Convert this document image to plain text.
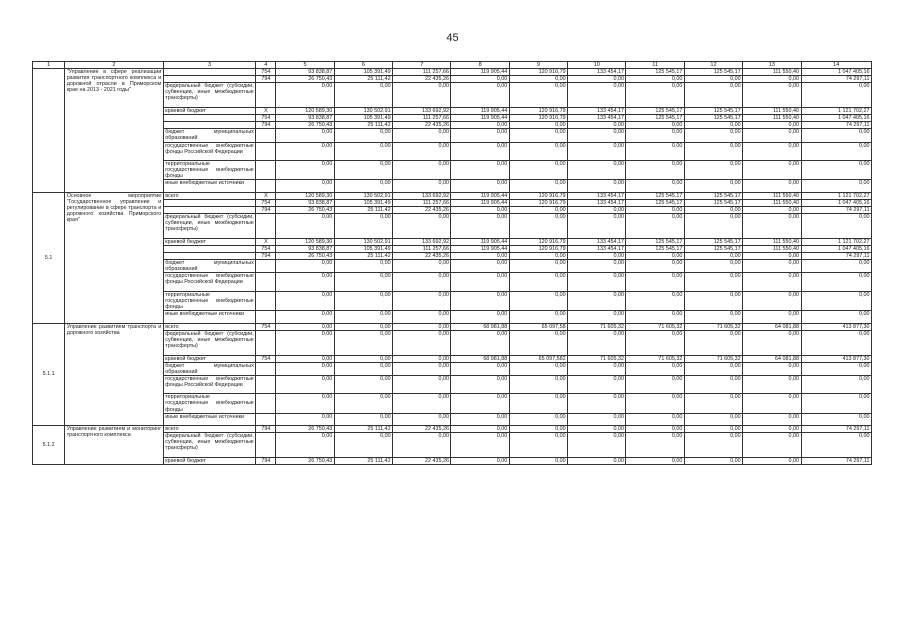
45
1	2	3	4	5	6	7	8	9	10	11	12	13	14
	"Управление в сфере реализации развития транспортного комплекса и дорожной отрасли в Приморском крае на 2013 - 2021 годы"		754	93 838,87	105 391,49	111 257,66	119 905,44	120 916,79	133 454,17	125 545,17	125 545,17	111 550,40	1 047 405,16
			794	26 750,43	25 111,42	22 435,26	0,00	0,00	0,00	0,00	0,00	0,00	74 297,11
		федеральный бюджет (субсидии, субвенции, иные межбюджетные трансферты)		0,00	0,00	0,00	0,00	0,00	0,00	0,00	0,00	0,00	0,00
		краевой бюджет	X	120 589,30	130 502,91	133 692,92	119 905,44	120 916,79	133 454,17	125 545,17	125 545,17	111 550,40	1 121 702,27
			754	93 838,87	105 391,49	111 257,66	119 905,44	120 916,79	133 454,17	125 545,17	125 545,17	111 550,40	1 047 405,16
			794	26 750,43	25 111,42	22 435,26	0,00	0,00	0,00	0,00	0,00	0,00	74 297,11
		бюджет муниципальных образований		0,00	0,00	0,00	0,00	0,00	0,00	0,00	0,00	0,00	0,00
		государственные внебюджетные фонды Российской Федерации		0,00	0,00	0,00	0,00	0,00	0,00	0,00	0,00	0,00	0,00
		территориальные государственные внебюджетные фонды		0,00	0,00	0,00	0,00	0,00	0,00	0,00	0,00	0,00	0,00
		иные внебюджетные источники		0,00	0,00	0,00	0,00	0,00	0,00	0,00	0,00	0,00	0,00
5.1	Основное мероприятие "Государственное управление и регулирование в сфере транспорта и дорожного хозяйства Приморского края"	всего	X	120 589,30	130 502,91	133 692,92	119 905,44	120 916,79	133 454,17	125 545,17	125 545,17	111 550,40	1 121 702,27
			754	93 838,87	105 391,49	111 257,66	119 905,44	120 916,79	133 454,17	125 545,17	125 545,17	111 550,40	1 047 405,16
			794	26 750,43	25 111,42	22 435,26	0,00	0,00	0,00	0,00	0,00	0,00	74 297,11
		федеральный бюджет (субсидии, субвенции, иные межбюджетные трансферты)		0,00	0,00	0,00	0,00	0,00	0,00	0,00	0,00	0,00	0,00
		краевой бюджет	X	120 589,30	130 502,91	133 692,92	119 905,44	120 916,79	133 454,17	125 545,17	125 545,17	111 550,40	1 121 702,27
			754	93 838,87	105 391,49	111 257,66	119 905,44	120 916,79	133 454,17	125 545,17	125 545,17	111 550,40	1 047 405,16
			794	26 750,43	25 111,42	22 435,26	0,00	0,00	0,00	0,00	0,00	0,00	74 297,11
		бюджет муниципальных образований		0,00	0,00	0,00	0,00	0,00	0,00	0,00	0,00	0,00	0,00
		государственные внебюджетные фонды Российской Федерации		0,00	0,00	0,00	0,00	0,00	0,00	0,00	0,00	0,00	0,00
		территориальные государственные внебюджетные фонды		0,00	0,00	0,00	0,00	0,00	0,00	0,00	0,00	0,00	0,00
		иные внебюджетные источники		0,00	0,00	0,00	0,00	0,00	0,00	0,00	0,00	0,00	0,00
5.1.1	Управление развитием транспорта и дорожного хозяйства	всего	754	0,00	0,00	0,00	68 981,88	65 097,58	71 605,32	71 605,32	71 605,32	64 081,88	413 877,30
		федеральный бюджет (субсидии, субвенции, иные межбюджетные трансферты)		0,00	0,00	0,00	0,00	0,00	0,00	0,00	0,00	0,00	0,00
		краевой бюджет	754	0,00	0,00	0,00	68 981,88	65 097,582	71 605,32	71 605,32	71 605,32	64 081,88	413 877,30
		бюджет муниципальных образований		0,00	0,00	0,00	0,00	0,00	0,00	0,00	0,00	0,00	0,00
		государственные внебюджетные фонды Российской Федерации		0,00	0,00	0,00	0,00	0,00	0,00	0,00	0,00	0,00	0,00
		территориальные государственные внебюджетные фонды		0,00	0,00	0,00	0,00	0,00	0,00	0,00	0,00	0,00	0,00
		иные внебюджетные источники		0,00	0,00	0,00	0,00	0,00	0,00	0,00	0,00	0,00	0,00
5.1.2	Управление развитием и мониторинг транспортного комплекса	всего	794	26 750,43	25 111,42	22 435,26	0,00	0,00	0,00	0,00	0,00	0,00	74 297,11
		федеральный бюджет (субсидии, субвенции, иные межбюджетные трансферты)		0,00	0,00	0,00	0,00	0,00	0,00	0,00	0,00	0,00	0,00
		краевой бюджет	794	26 750,43	25 111,42	22 435,26	0,00	0,00	0,00	0,00	0,00	0,00	74 297,11
